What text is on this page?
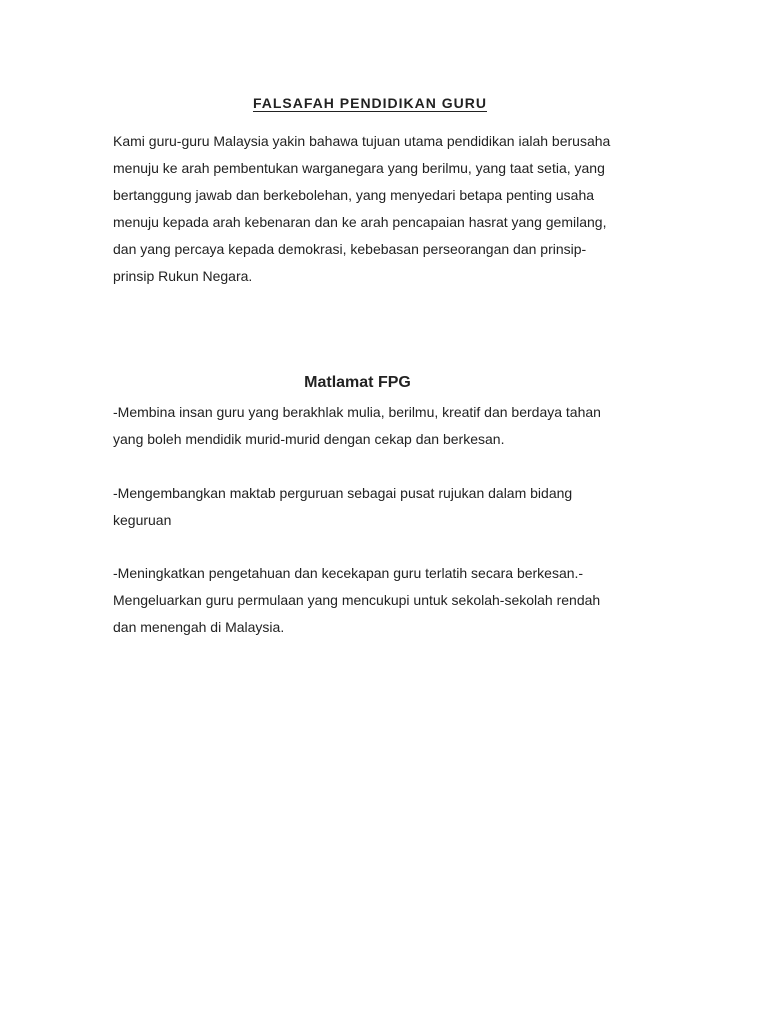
FALSAFAH PENDIDIKAN GURU
Kami guru-guru Malaysia yakin bahawa tujuan utama pendidikan ialah berusaha
menuju ke arah pembentukan warganegara yang berilmu, yang taat setia, yang
bertanggung jawab dan berkebolehan, yang menyedari betapa penting usaha
menuju kepada arah kebenaran dan ke arah pencapaian hasrat yang gemilang,
dan yang percaya kepada demokrasi, kebebasan perseorangan dan prinsip-
prinsip Rukun Negara.
Matlamat FPG
-Membina insan guru yang berakhlak mulia, berilmu, kreatif dan berdaya tahan
yang boleh mendidik murid-murid dengan cekap dan berkesan.
-Mengembangkan maktab perguruan sebagai pusat rujukan dalam bidang
keguruan
-Meningkatkan pengetahuan dan kecekapan guru terlatih secara berkesan.-
Mengeluarkan guru permulaan yang mencukupi untuk sekolah-sekolah rendah
dan menengah di Malaysia.
